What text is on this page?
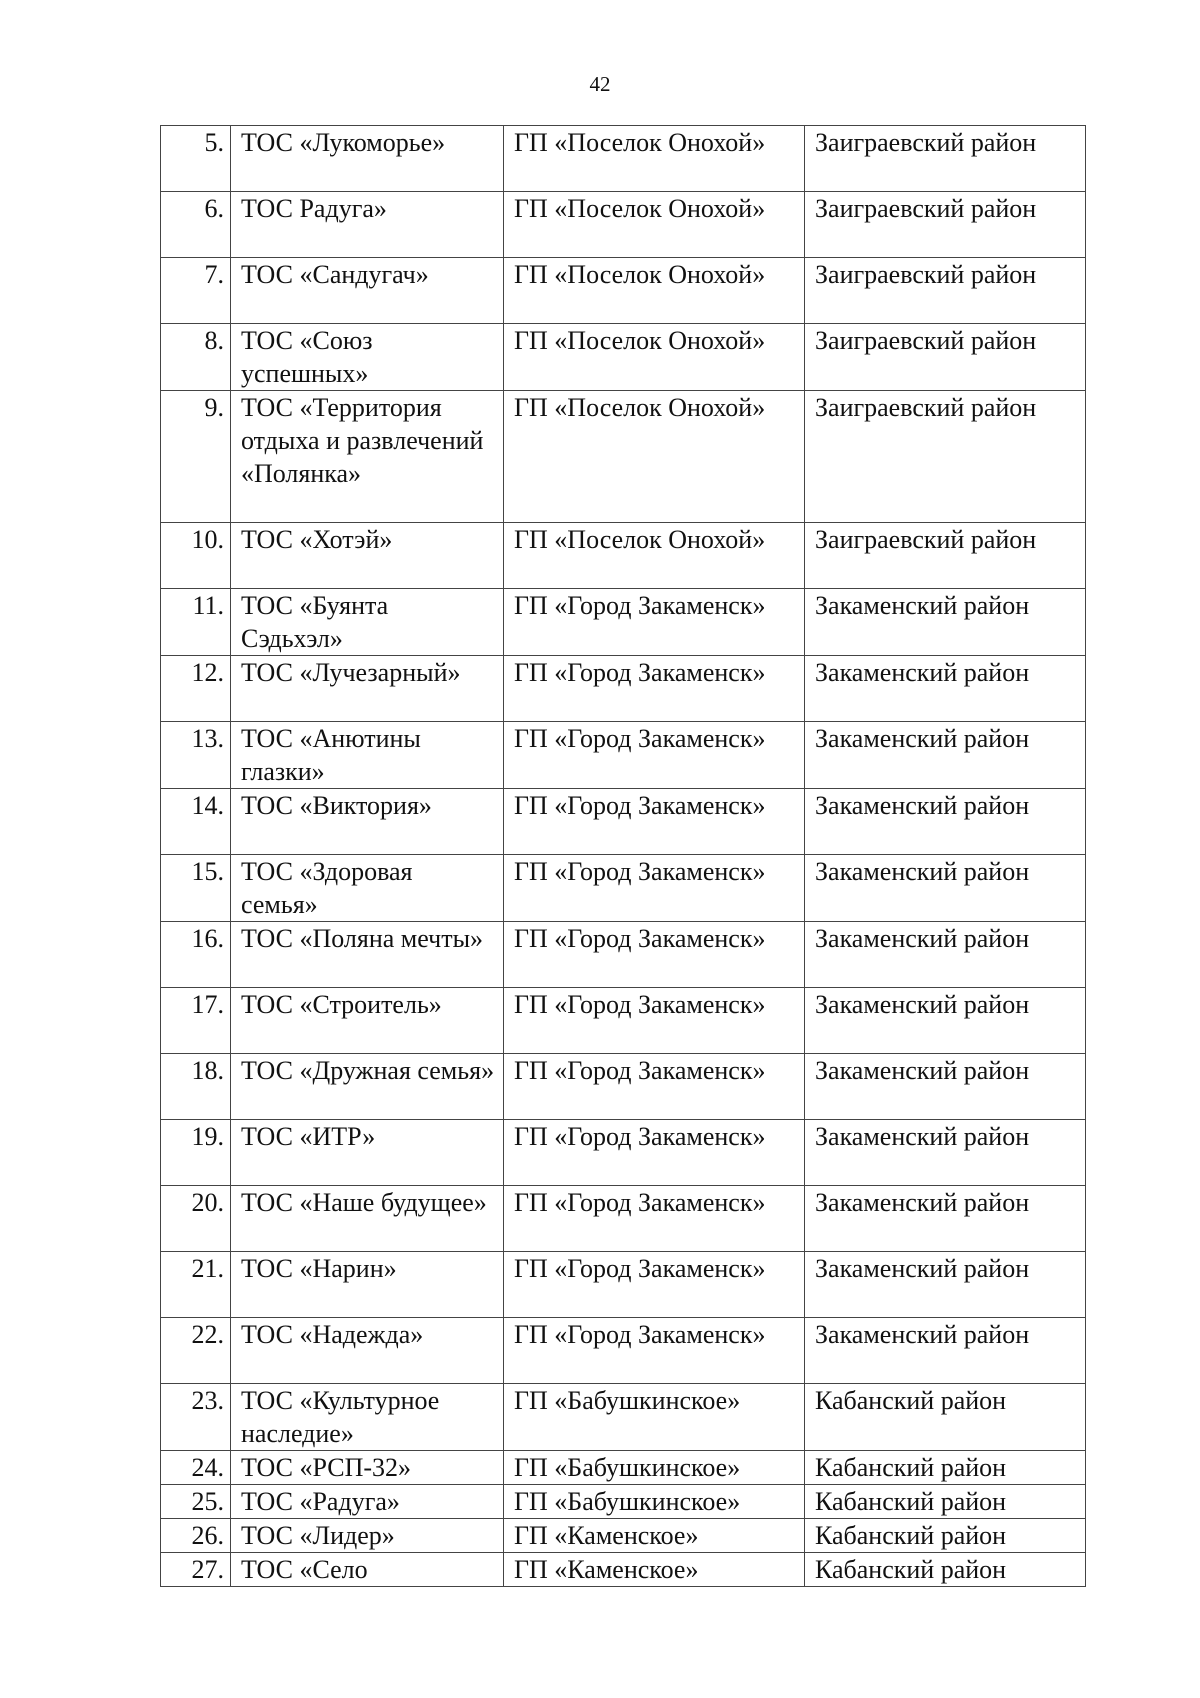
42
5.	ТОС «Лукоморье»	ГП «Поселок Онохой»	Заиграевский район
6.	ТОС Радуга»	ГП «Поселок Онохой»	Заиграевский район
7.	ТОС «Сандугач»	ГП «Поселок Онохой»	Заиграевский район
8.	ТОС «Союз успешных»	ГП «Поселок Онохой»	Заиграевский район
9.	ТОС «Территория отдыха и развлечений «Полянка»	ГП «Поселок Онохой»	Заиграевский район
10.	ТОС «Хотэй»	ГП «Поселок Онохой»	Заиграевский район
11.	ТОС «Буянта Сэдьхэл»	ГП «Город Закаменск»	Закаменский район
12.	ТОС «Лучезарный»	ГП «Город Закаменск»	Закаменский район
13.	ТОС «Анютины глазки»	ГП «Город Закаменск»	Закаменский район
14.	ТОС «Виктория»	ГП «Город Закаменск»	Закаменский район
15.	ТОС «Здоровая семья»	ГП «Город Закаменск»	Закаменский район
16.	ТОС «Поляна мечты»	ГП «Город Закаменск»	Закаменский район
17.	ТОС «Строитель»	ГП «Город Закаменск»	Закаменский район
18.	ТОС «Дружная семья»	ГП «Город Закаменск»	Закаменский район
19.	ТОС «ИТР»	ГП «Город Закаменск»	Закаменский район
20.	ТОС «Наше будущее»	ГП «Город Закаменск»	Закаменский район
21.	ТОС «Нарин»	ГП «Город Закаменск»	Закаменский район
22.	ТОС «Надежда»	ГП «Город Закаменск»	Закаменский район
23.	ТОС «Культурное наследие»	ГП «Бабушкинское»	Кабанский район
24.	ТОС «РСП-32»	ГП «Бабушкинское»	Кабанский район
25.	ТОС «Радуга»	ГП «Бабушкинское»	Кабанский район
26.	ТОС «Лидер»	ГП «Каменское»	Кабанский район
27.	ТОС «Село	ГП «Каменское»	Кабанский район
